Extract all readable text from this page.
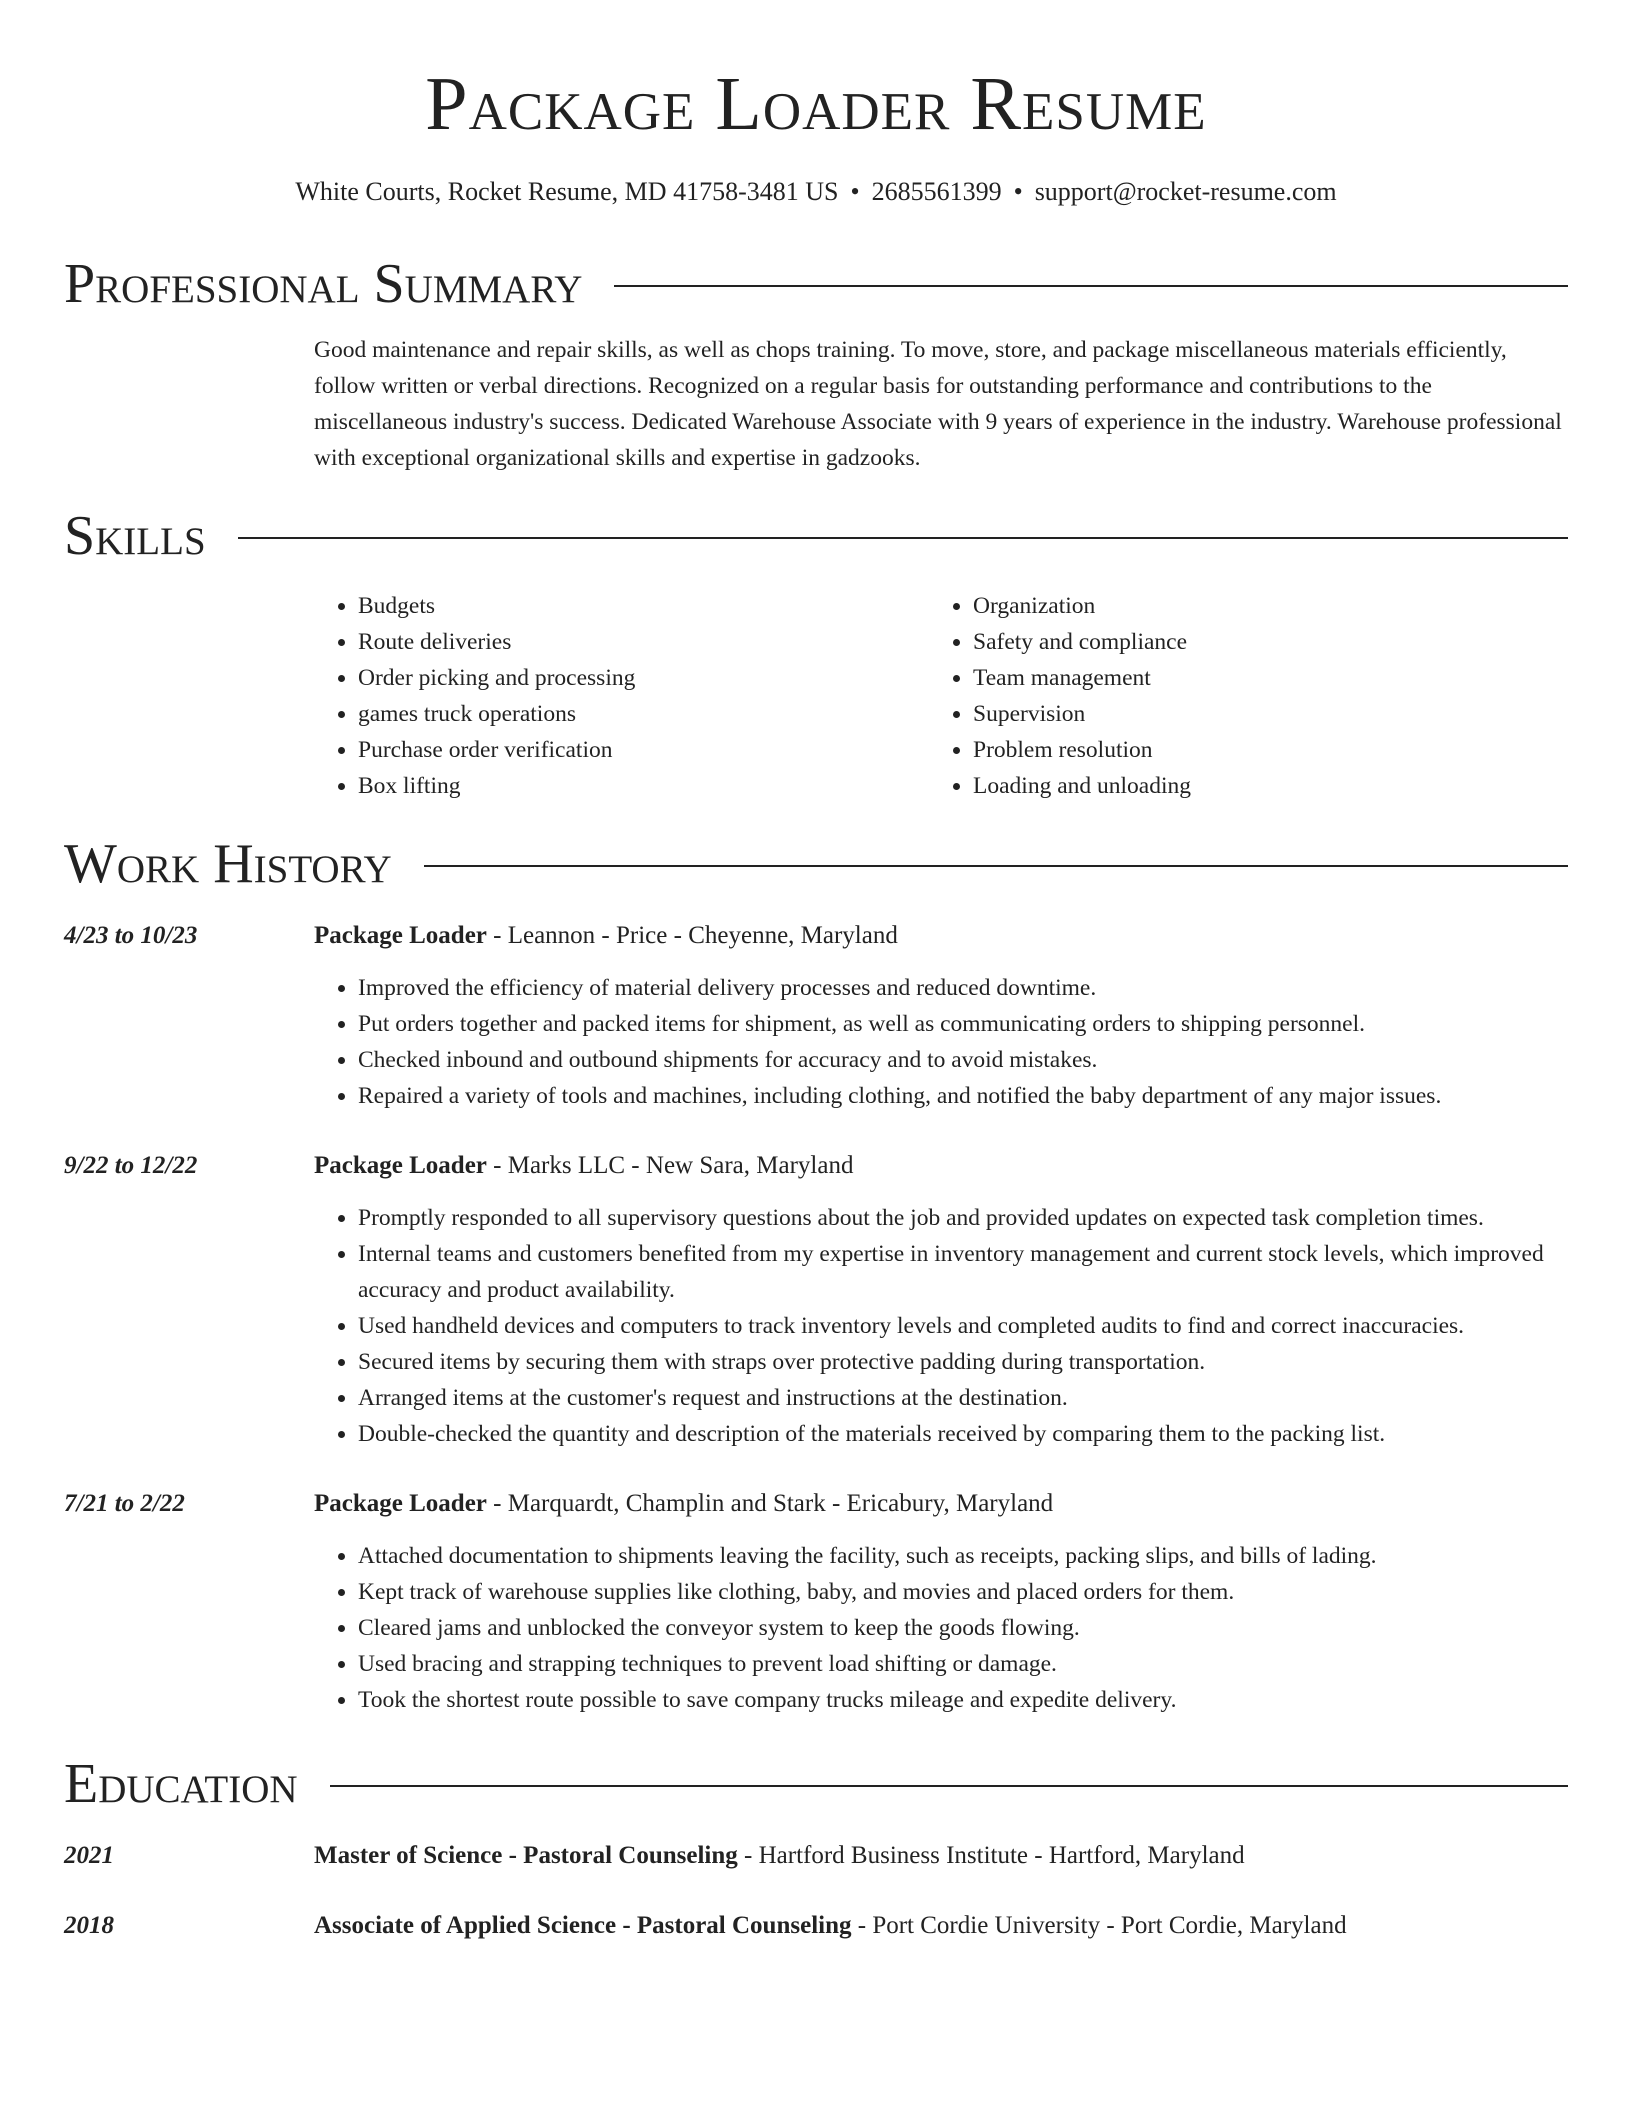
Package Loader Resume
White Courts, Rocket Resume, MD 41758-3481 US • 2685561399 • support@rocket-resume.com
Professional Summary
Good maintenance and repair skills, as well as chops training. To move, store, and package miscellaneous materials efficiently, follow written or verbal directions. Recognized on a regular basis for outstanding performance and contributions to the miscellaneous industry's success. Dedicated Warehouse Associate with 9 years of experience in the industry. Warehouse professional with exceptional organizational skills and expertise in gadzooks.
Skills
• Budgets
• Route deliveries
• Order picking and processing
• games truck operations
• Purchase order verification
• Box lifting
• Organization
• Safety and compliance
• Team management
• Supervision
• Problem resolution
• Loading and unloading
Work History
4/23 to 10/23	Package Loader - Leannon - Price - Cheyenne, Maryland
• Improved the efficiency of material delivery processes and reduced downtime.
• Put orders together and packed items for shipment, as well as communicating orders to shipping personnel.
• Checked inbound and outbound shipments for accuracy and to avoid mistakes.
• Repaired a variety of tools and machines, including clothing, and notified the baby department of any major issues.
9/22 to 12/22	Package Loader - Marks LLC - New Sara, Maryland
• Promptly responded to all supervisory questions about the job and provided updates on expected task completion times.
• Internal teams and customers benefited from my expertise in inventory management and current stock levels, which improved accuracy and product availability.
• Used handheld devices and computers to track inventory levels and completed audits to find and correct inaccuracies.
• Secured items by securing them with straps over protective padding during transportation.
• Arranged items at the customer's request and instructions at the destination.
• Double-checked the quantity and description of the materials received by comparing them to the packing list.
7/21 to 2/22	Package Loader - Marquardt, Champlin and Stark - Ericabury, Maryland
• Attached documentation to shipments leaving the facility, such as receipts, packing slips, and bills of lading.
• Kept track of warehouse supplies like clothing, baby, and movies and placed orders for them.
• Cleared jams and unblocked the conveyor system to keep the goods flowing.
• Used bracing and strapping techniques to prevent load shifting or damage.
• Took the shortest route possible to save company trucks mileage and expedite delivery.
Education
2021	Master of Science - Pastoral Counseling - Hartford Business Institute - Hartford, Maryland
2018	Associate of Applied Science - Pastoral Counseling - Port Cordie University - Port Cordie, Maryland
